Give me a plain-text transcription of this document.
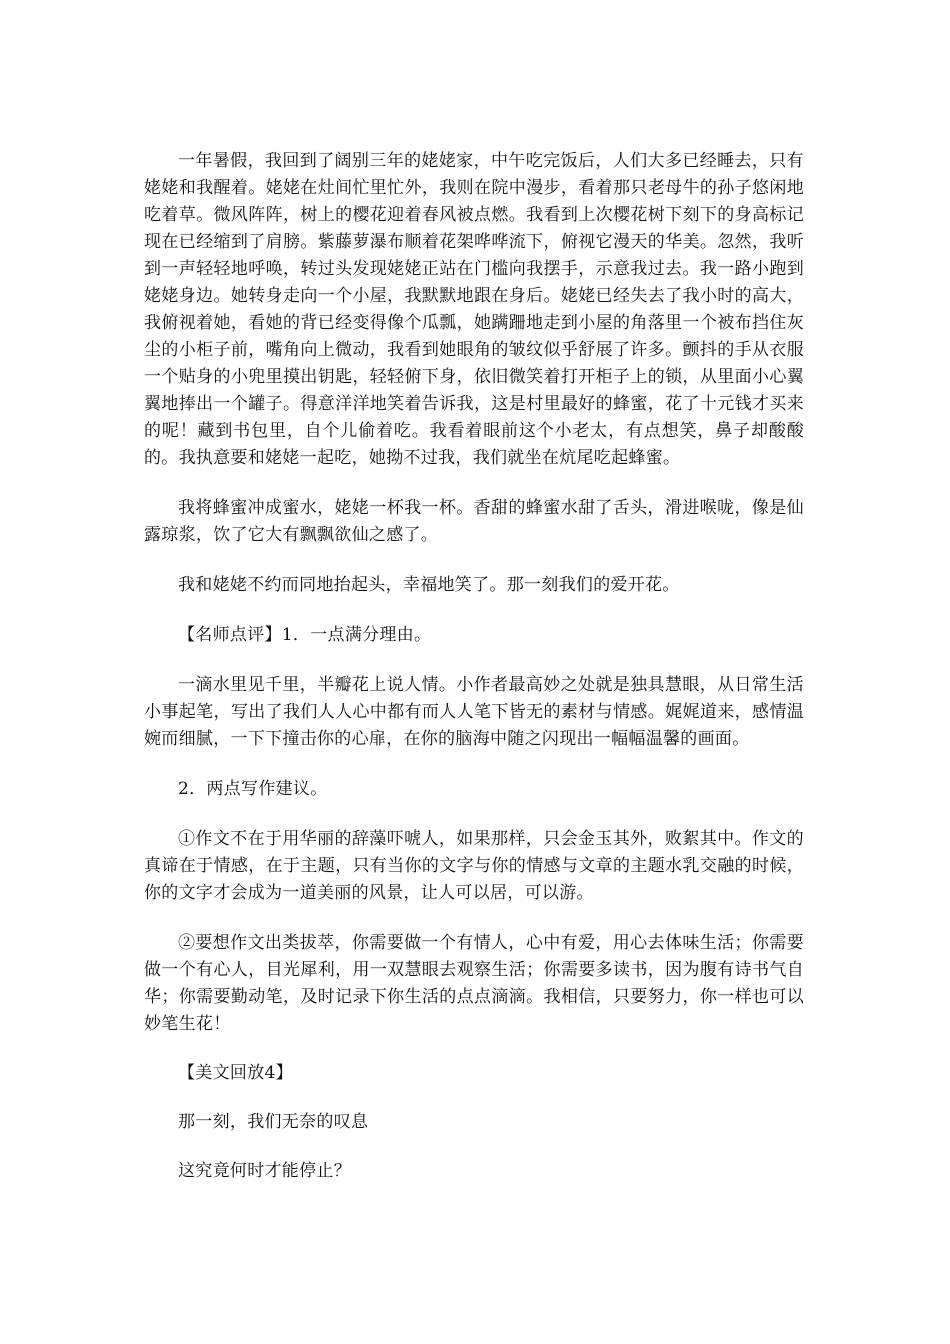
一年暑假，我回到了阔别三年的姥姥家，中午吃完饭后，人们大多已经睡去，只有姥姥和我醒着。姥姥在灶间忙里忙外，我则在院中漫步，看着那只老母牛的孙子悠闲地吃着草。微风阵阵，树上的樱花迎着春风被点燃。我看到上次樱花树下刻下的身高标记现在已经缩到了肩膀。紫藤萝瀑布顺着花架哗哗流下，俯视它漫天的华美。忽然，我听到一声轻轻地呼唤，转过头发现姥姥正站在门槛向我摆手，示意我过去。我一路小跑到姥姥身边。她转身走向一个小屋，我默默地跟在身后。姥姥已经失去了我小时的高大，我俯视着她，看她的背已经变得像个瓜瓢，她蹒跚地走到小屋的角落里一个被布挡住灰尘的小柜子前，嘴角向上微动，我看到她眼角的皱纹似乎舒展了许多。颤抖的手从衣服一个贴身的小兜里摸出钥匙，轻轻俯下身，依旧微笑着打开柜子上的锁，从里面小心翼翼地捧出一个罐子。得意洋洋地笑着告诉我，这是村里最好的蜂蜜，花了十元钱才买来的呢！藏到书包里，自个儿偷着吃。我看着眼前这个小老太，有点想笑，鼻子却酸酸的。我执意要和姥姥一起吃，她拗不过我，我们就坐在炕尾吃起蜂蜜。

我将蜂蜜冲成蜜水，姥姥一杯我一杯。香甜的蜂蜜水甜了舌头，滑进喉咙，像是仙露琼浆，饮了它大有飘飘欲仙之感了。

我和姥姥不约而同地抬起头，幸福地笑了。那一刻我们的爱开花。

【名师点评】1．一点满分理由。

一滴水里见千里，半瓣花上说人情。小作者最高妙之处就是独具慧眼，从日常生活小事起笔，写出了我们人人心中都有而人人笔下皆无的素材与情感。娓娓道来，感情温婉而细腻，一下下撞击你的心扉，在你的脑海中随之闪现出一幅幅温馨的画面。

2．两点写作建议。

①作文不在于用华丽的辞藻吓唬人，如果那样，只会金玉其外，败絮其中。作文的真谛在于情感，在于主题，只有当你的文字与你的情感与文章的主题水乳交融的时候，你的文字才会成为一道美丽的风景，让人可以居，可以游。

②要想作文出类拔萃，你需要做一个有情人，心中有爱，用心去体味生活；你需要做一个有心人，目光犀利，用一双慧眼去观察生活；你需要多读书，因为腹有诗书气自华；你需要勤动笔，及时记录下你生活的点点滴滴。我相信，只要努力，你一样也可以妙笔生花！

【美文回放4】

那一刻，我们无奈的叹息

这究竟何时才能停止？
